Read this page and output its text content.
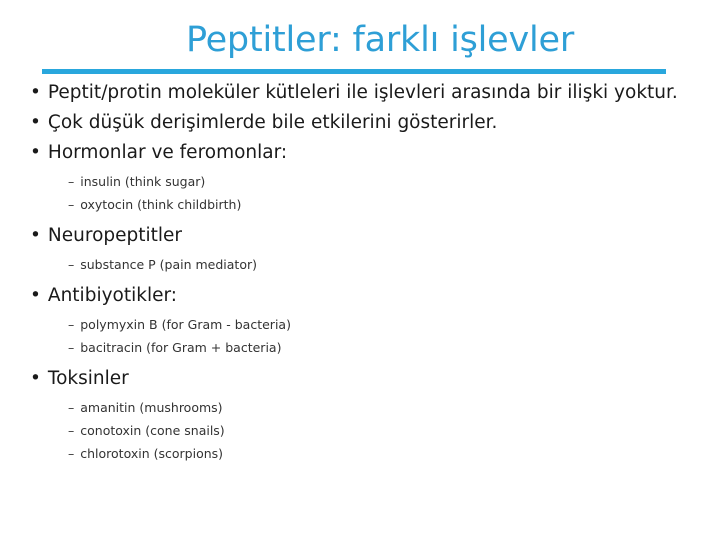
Peptitler: farklı işlevler

• Peptit/protin moleküler kütleleri ile işlevleri arasında bir ilişki yoktur.

• Çok düşük derişimlerde bile etkilerini gösterirler.

• Hormonlar ve feromonlar:

– insulin (think sugar)
– oxytocin (think childbirth)

• Neuropeptitler

– substance P (pain mediator)

• Antibiyotikler:

– polymyxin B (for Gram - bacteria)
– bacitracin (for Gram + bacteria)

• Toksinler

– amanitin (mushrooms)
– conotoxin (cone snails)
– chlorotoxin (scorpions)
